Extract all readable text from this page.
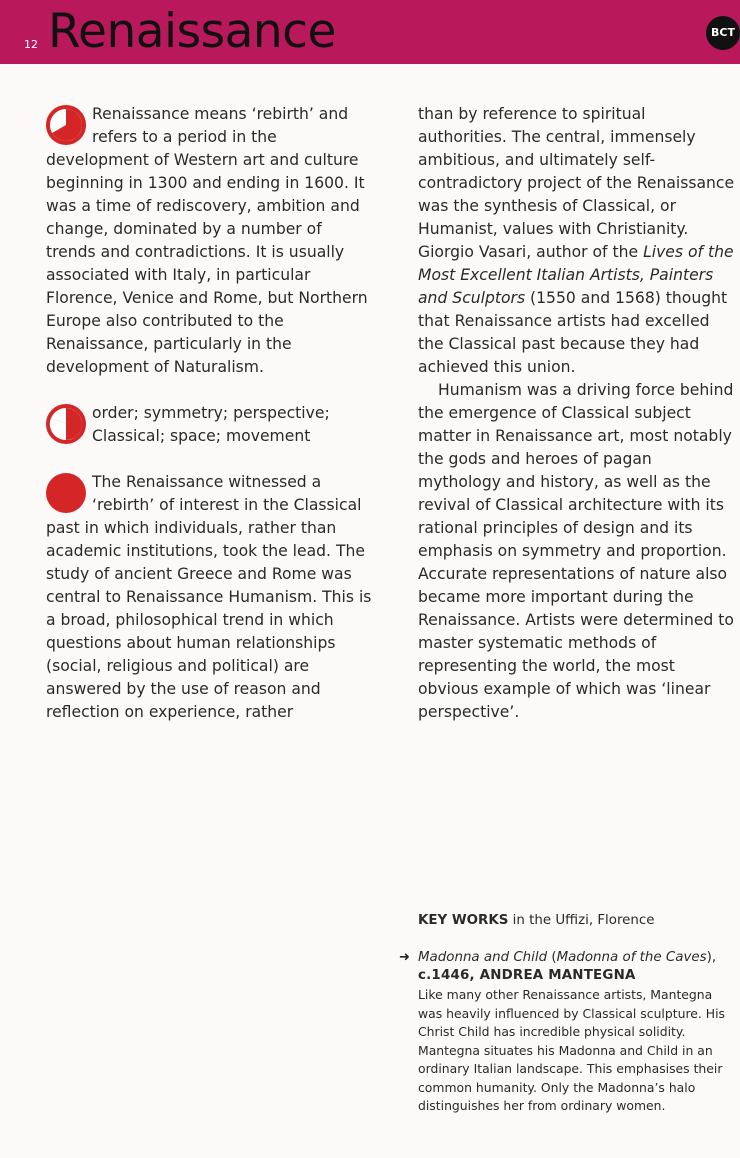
12 Renaissance	BCT

Renaissance means ‘rebirth’ and refers to a period in the development of Western art and culture beginning in 1300 and ending in 1600. It was a time of rediscovery, ambition and change, dominated by a number of trends and contradictions. It is usually associated with Italy, in particular Florence, Venice and Rome, but Northern Europe also contributed to the Renaissance, particularly in the development of Naturalism.

order; symmetry; perspective; Classical; space; movement

The Renaissance witnessed a ‘rebirth’ of interest in the Classical past in which individuals, rather than academic institutions, took the lead. The study of ancient Greece and Rome was central to Renaissance Humanism. This is a broad, philosophical trend in which questions about human relationships (social, religious and political) are answered by the use of reason and reflection on experience, rather

than by reference to spiritual authorities. The central, immensely ambitious, and ultimately self-contradictory project of the Renaissance was the synthesis of Classical, or Humanist, values with Christianity. Giorgio Vasari, author of the Lives of the Most Excellent Italian Artists, Painters and Sculptors (1550 and 1568) thought that Renaissance artists had excelled the Classical past because they had achieved this union.

Humanism was a driving force behind the emergence of Classical subject matter in Renaissance art, most notably the gods and heroes of pagan mythology and history, as well as the revival of Classical architecture with its rational principles of design and its emphasis on symmetry and proportion. Accurate representations of nature also became more important during the Renaissance. Artists were determined to master systematic methods of representing the world, the most obvious example of which was ‘linear perspective’.

KEY WORKS in the Uffizi, Florence
➜ Madonna and Child (Madonna of the Caves),
c.1446, ANDREA MANTEGNA
Like many other Renaissance artists, Mantegna was heavily influenced by Classical sculpture. His Christ Child has incredible physical solidity. Mantegna situates his Madonna and Child in an ordinary Italian landscape. This emphasises their common humanity. Only the Madonna’s halo distinguishes her from ordinary women.
